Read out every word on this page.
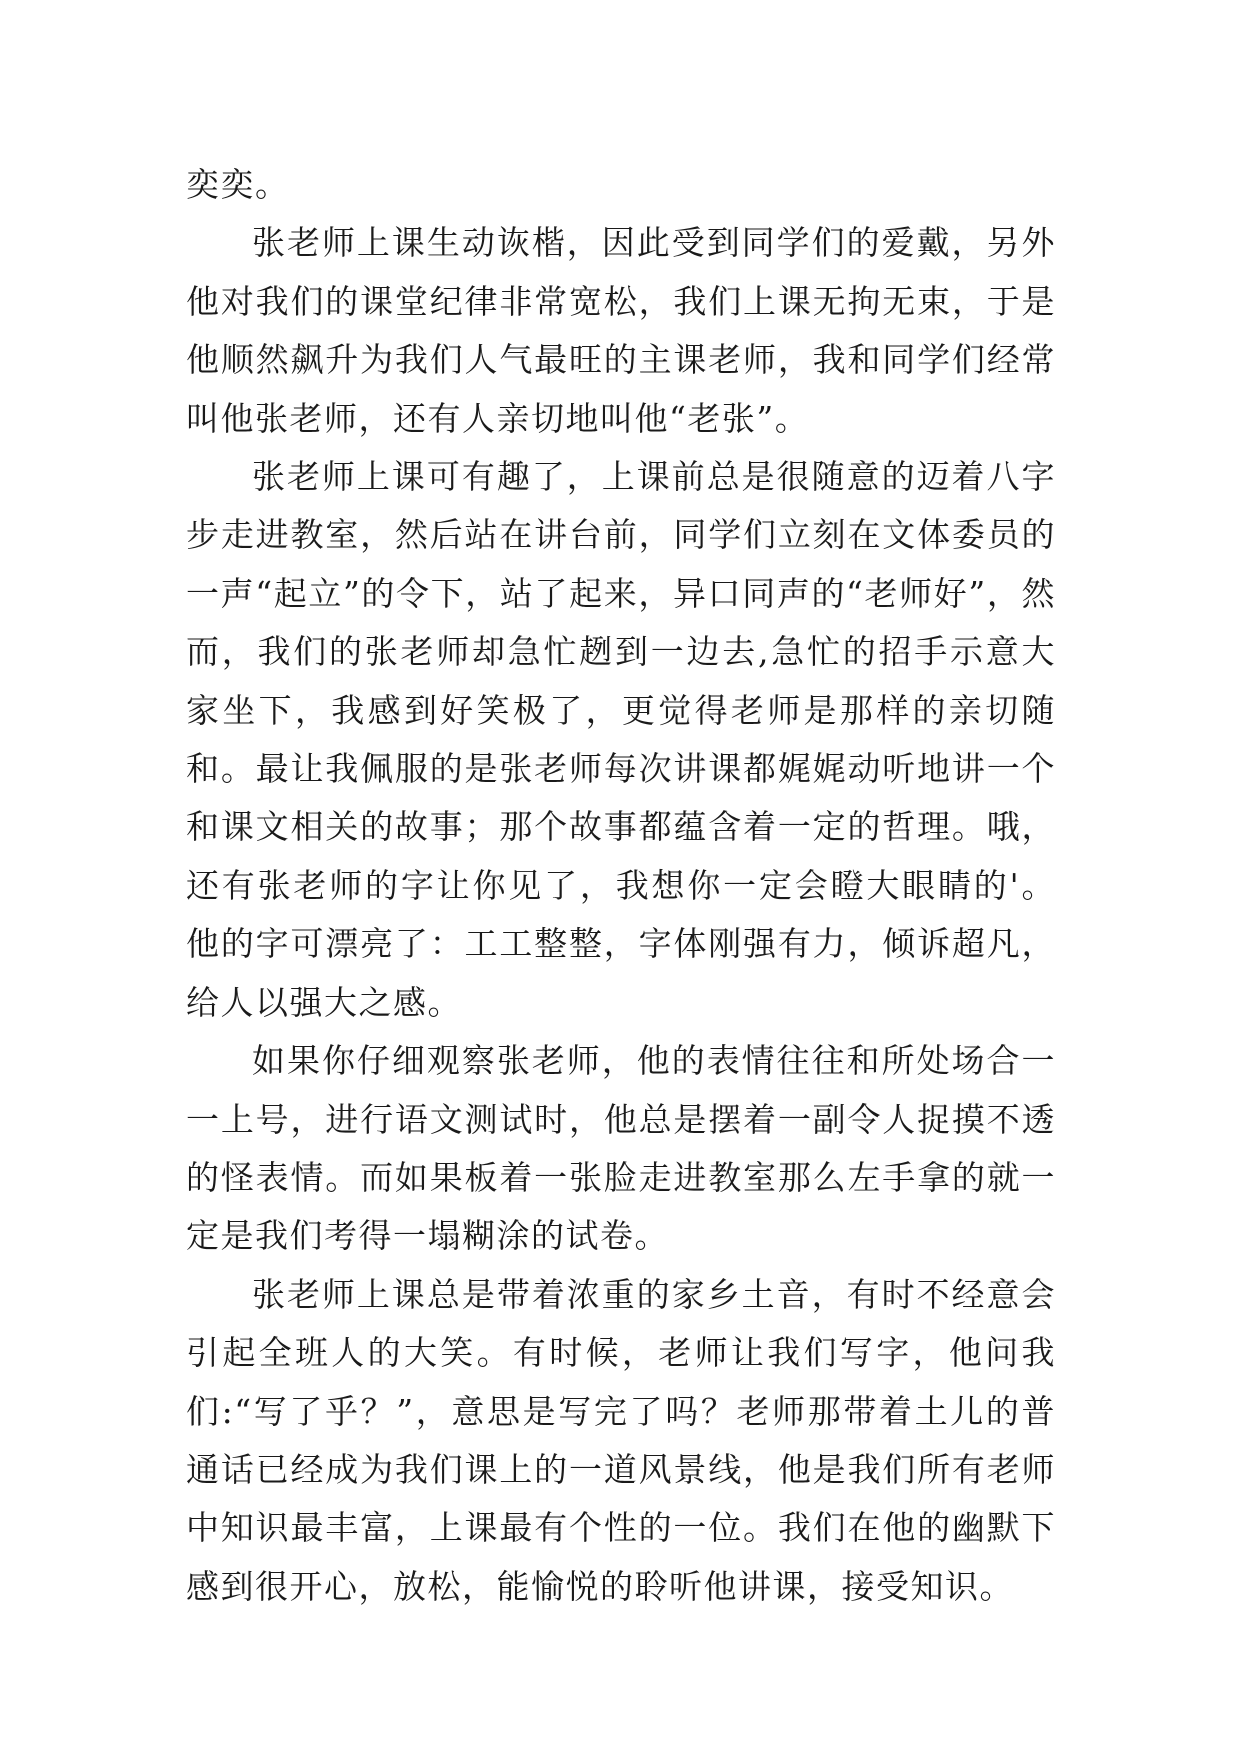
奕奕。

张老师上课生动诙楷，因此受到同学们的爱戴，另外他对我们的课堂纪律非常宽松，我们上课无拘无束，于是他顺然飙升为我们人气最旺的主课老师，我和同学们经常叫他张老师，还有人亲切地叫他“老张”。

张老师上课可有趣了，上课前总是很随意的迈着八字步走进教室，然后站在讲台前，同学们立刻在文体委员的一声“起立”的令下，站了起来，异口同声的“老师好”，然而，我们的张老师却急忙趔到一边去,急忙的招手示意大家坐下，我感到好笑极了，更觉得老师是那样的亲切随和。最让我佩服的是张老师每次讲课都娓娓动听地讲一个和课文相关的故事；那个故事都蕴含着一定的哲理。哦，还有张老师的字让你见了，我想你一定会瞪大眼睛的'。他的字可漂亮了：工工整整，字体刚强有力，倾诉超凡，给人以强大之感。

如果你仔细观察张老师，他的表情往往和所处场合一一上号，进行语文测试时，他总是摆着一副令人捉摸不透的怪表情。而如果板着一张脸走进教室那么左手拿的就一定是我们考得一塌糊涂的试卷。

张老师上课总是带着浓重的家乡土音，有时不经意会引起全班人的大笑。有时候，老师让我们写字，他问我们:“写了乎？”，意思是写完了吗？老师那带着土儿的普通话已经成为我们课上的一道风景线，他是我们所有老师中知识最丰富，上课最有个性的一位。我们在他的幽默下感到很开心，放松，能愉悦的聆听他讲课，接受知识。
